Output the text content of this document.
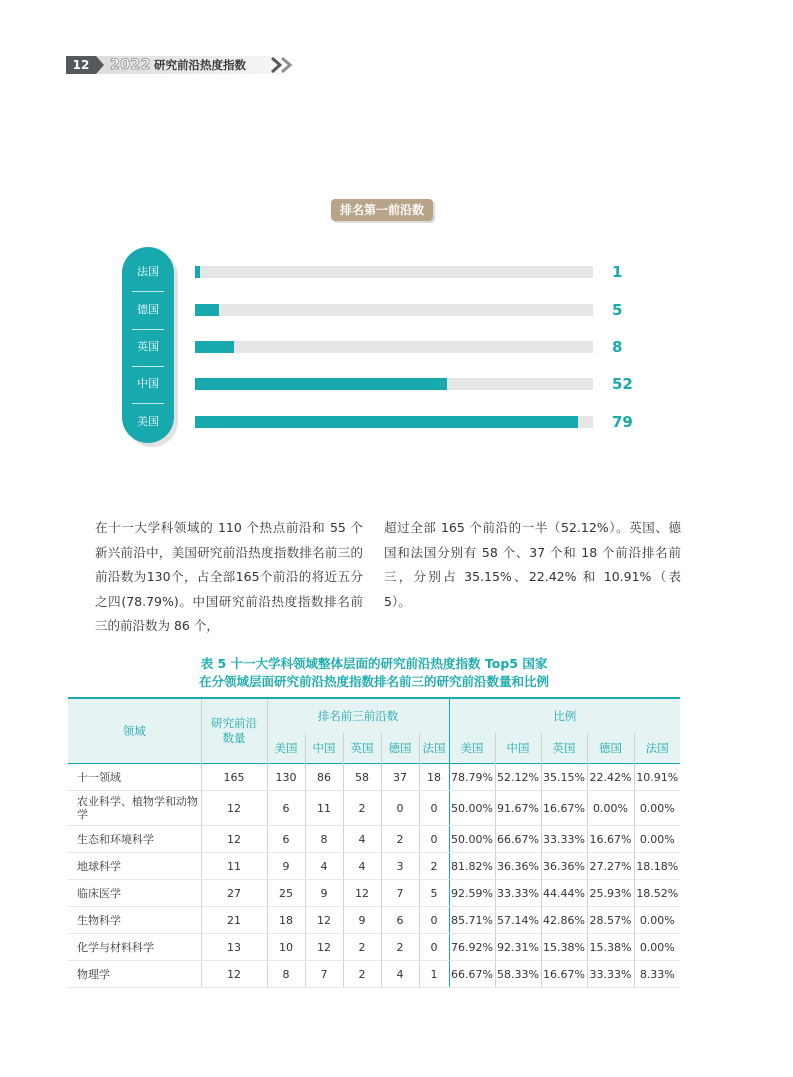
12	2022 研究前沿热度指数
排名第一前沿数
法国
德国
英国
中国
美国
1
5
8
52
79
在十一大学科领域的 110 个热点前沿和 55 个新兴前沿中，美国研究前沿热度指数排名前三的前沿数为130个，占全部165个前沿的将近五分之四(78.79%)。中国研究前沿热度指数排名前三的前沿数为 86 个，
超过全部 165 个前沿的一半（52.12%）。英国、德国和法国分别有 58 个、37 个和 18 个前沿排名前三，分别占 35.15%、22.42% 和 10.91%（表 5）。
表 5 十一大学科领域整体层面的研究前沿热度指数 Top5 国家
在分领域层面研究前沿热度指数排名前三的研究前沿数量和比例
领域	研究前沿数量	排名前三前沿数					比例				
		美国	中国	英国	德国	法国	美国	中国	英国	德国	法国
十一领域	165	130	86	58	37	18	78.79%	52.12%	35.15%	22.42%	10.91%
农业科学、植物学和动物学	12	6	11	2	0	0	50.00%	91.67%	16.67%	0.00%	0.00%
生态和环境科学	12	6	8	4	2	0	50.00%	66.67%	33.33%	16.67%	0.00%
地球科学	11	9	4	4	3	2	81.82%	36.36%	36.36%	27.27%	18.18%
临床医学	27	25	9	12	7	5	92.59%	33.33%	44.44%	25.93%	18.52%
生物科学	21	18	12	9	6	0	85.71%	57.14%	42.86%	28.57%	0.00%
化学与材料科学	13	10	12	2	2	0	76.92%	92.31%	15.38%	15.38%	0.00%
物理学	12	8	7	2	4	1	66.67%	58.33%	16.67%	33.33%	8.33%
